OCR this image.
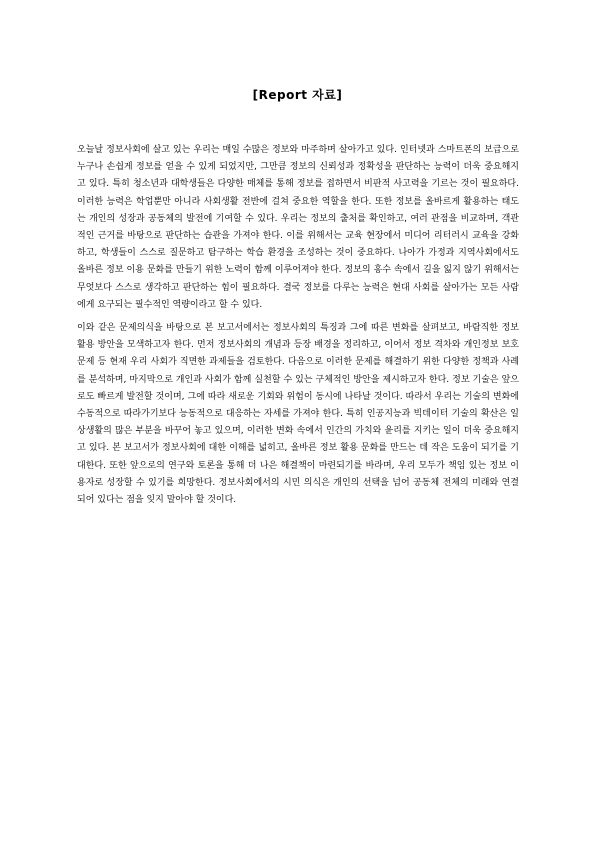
[Report 자료]

오늘날 정보사회에 살고 있는 우리는 매일 수많은 정보와 마주하며 살아가고 있다. 인터넷과 스마트폰의 보급으로 누구나 손쉽게 정보를 얻을 수 있게 되었지만, 그만큼 정보의 신뢰성과 정확성을 판단하는 능력이 더욱 중요해지고 있다. 특히 청소년과 대학생들은 다양한 매체를 통해 정보를 접하면서 비판적 사고력을 기르는 것이 필요하다. 이러한 능력은 학업뿐만 아니라 사회생활 전반에 걸쳐 중요한 역할을 한다. 또한 정보를 올바르게 활용하는 태도는 개인의 성장과 공동체의 발전에 기여할 수 있다. 우리는 정보의 출처를 확인하고, 여러 관점을 비교하며, 객관적인 근거를 바탕으로 판단하는 습관을 가져야 한다. 이를 위해서는 교육 현장에서 미디어 리터러시 교육을 강화하고, 학생들이 스스로 질문하고 탐구하는 학습 환경을 조성하는 것이 중요하다. 나아가 가정과 지역사회에서도 올바른 정보 이용 문화를 만들기 위한 노력이 함께 이루어져야 한다. 정보의 홍수 속에서 길을 잃지 않기 위해서는 무엇보다 스스로 생각하고 판단하는 힘이 필요하다. 결국 정보를 다루는 능력은 현대 사회를 살아가는 모든 사람에게 요구되는 필수적인 역량이라고 할 수 있다.

이와 같은 문제의식을 바탕으로 본 보고서에서는 정보사회의 특징과 그에 따른 변화를 살펴보고, 바람직한 정보 활용 방안을 모색하고자 한다. 먼저 정보사회의 개념과 등장 배경을 정리하고, 이어서 정보 격차와 개인정보 보호 문제 등 현재 우리 사회가 직면한 과제들을 검토한다. 다음으로 이러한 문제를 해결하기 위한 다양한 정책과 사례를 분석하며, 마지막으로 개인과 사회가 함께 실천할 수 있는 구체적인 방안을 제시하고자 한다. 정보 기술은 앞으로도 빠르게 발전할 것이며, 그에 따라 새로운 기회와 위험이 동시에 나타날 것이다. 따라서 우리는 기술의 변화에 수동적으로 따라가기보다 능동적으로 대응하는 자세를 가져야 한다. 특히 인공지능과 빅데이터 기술의 확산은 일상생활의 많은 부분을 바꾸어 놓고 있으며, 이러한 변화 속에서 인간의 가치와 윤리를 지키는 일이 더욱 중요해지고 있다. 본 보고서가 정보사회에 대한 이해를 넓히고, 올바른 정보 활용 문화를 만드는 데 작은 도움이 되기를 기대한다. 또한 앞으로의 연구와 토론을 통해 더 나은 해결책이 마련되기를 바라며, 우리 모두가 책임 있는 정보 이용자로 성장할 수 있기를 희망한다. 정보사회에서의 시민 의식은 개인의 선택을 넘어 공동체 전체의 미래와 연결되어 있다는 점을 잊지 말아야 할 것이다.
